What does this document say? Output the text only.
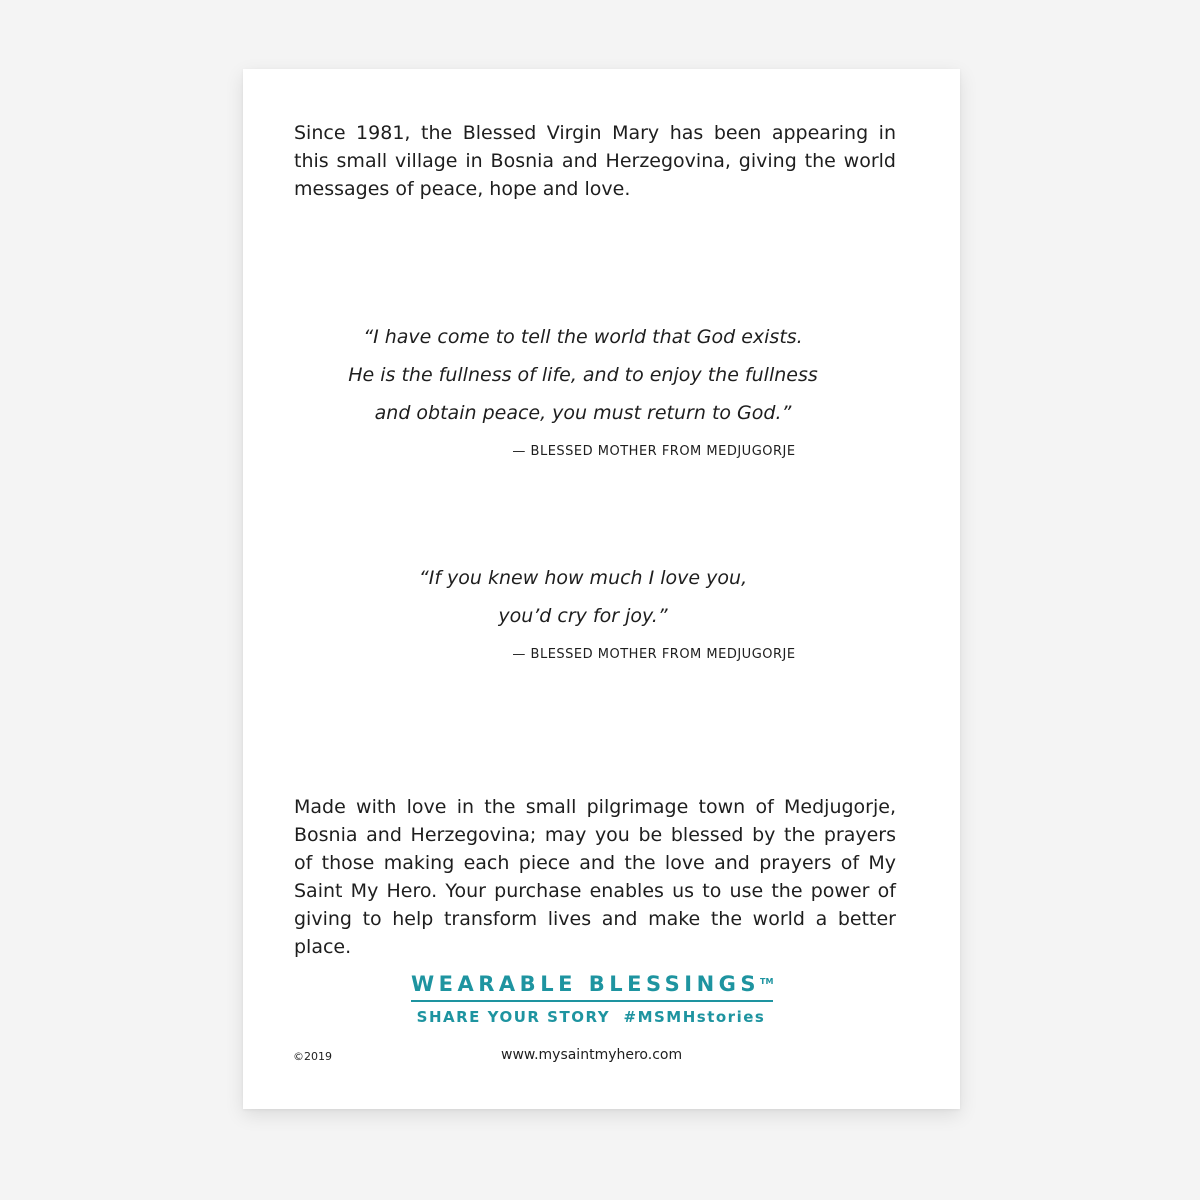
Since 1981, the Blessed Virgin Mary has been appearing in this small village in Bosnia and Herzegovina, giving the world messages of peace, hope and love.

“I have come to tell the world that God exists.
He is the fullness of life, and to enjoy the fullness
and obtain peace, you must return to God.”

— BLESSED MOTHER FROM MEDJUGORJE

“If you knew how much I love you,
you’d cry for joy.”

— BLESSED MOTHER FROM MEDJUGORJE

Made with love in the small pilgrimage town of Medjugorje, Bosnia and Herzegovina; may you be blessed by the prayers of those making each piece and the love and prayers of My Saint My Hero. Your purchase enables us to use the power of giving to help transform lives and make the world a better place.

WEARABLE BLESSINGS™
SHARE YOUR STORY  #MSMHstories
©2019	www.mysaintmyhero.com
